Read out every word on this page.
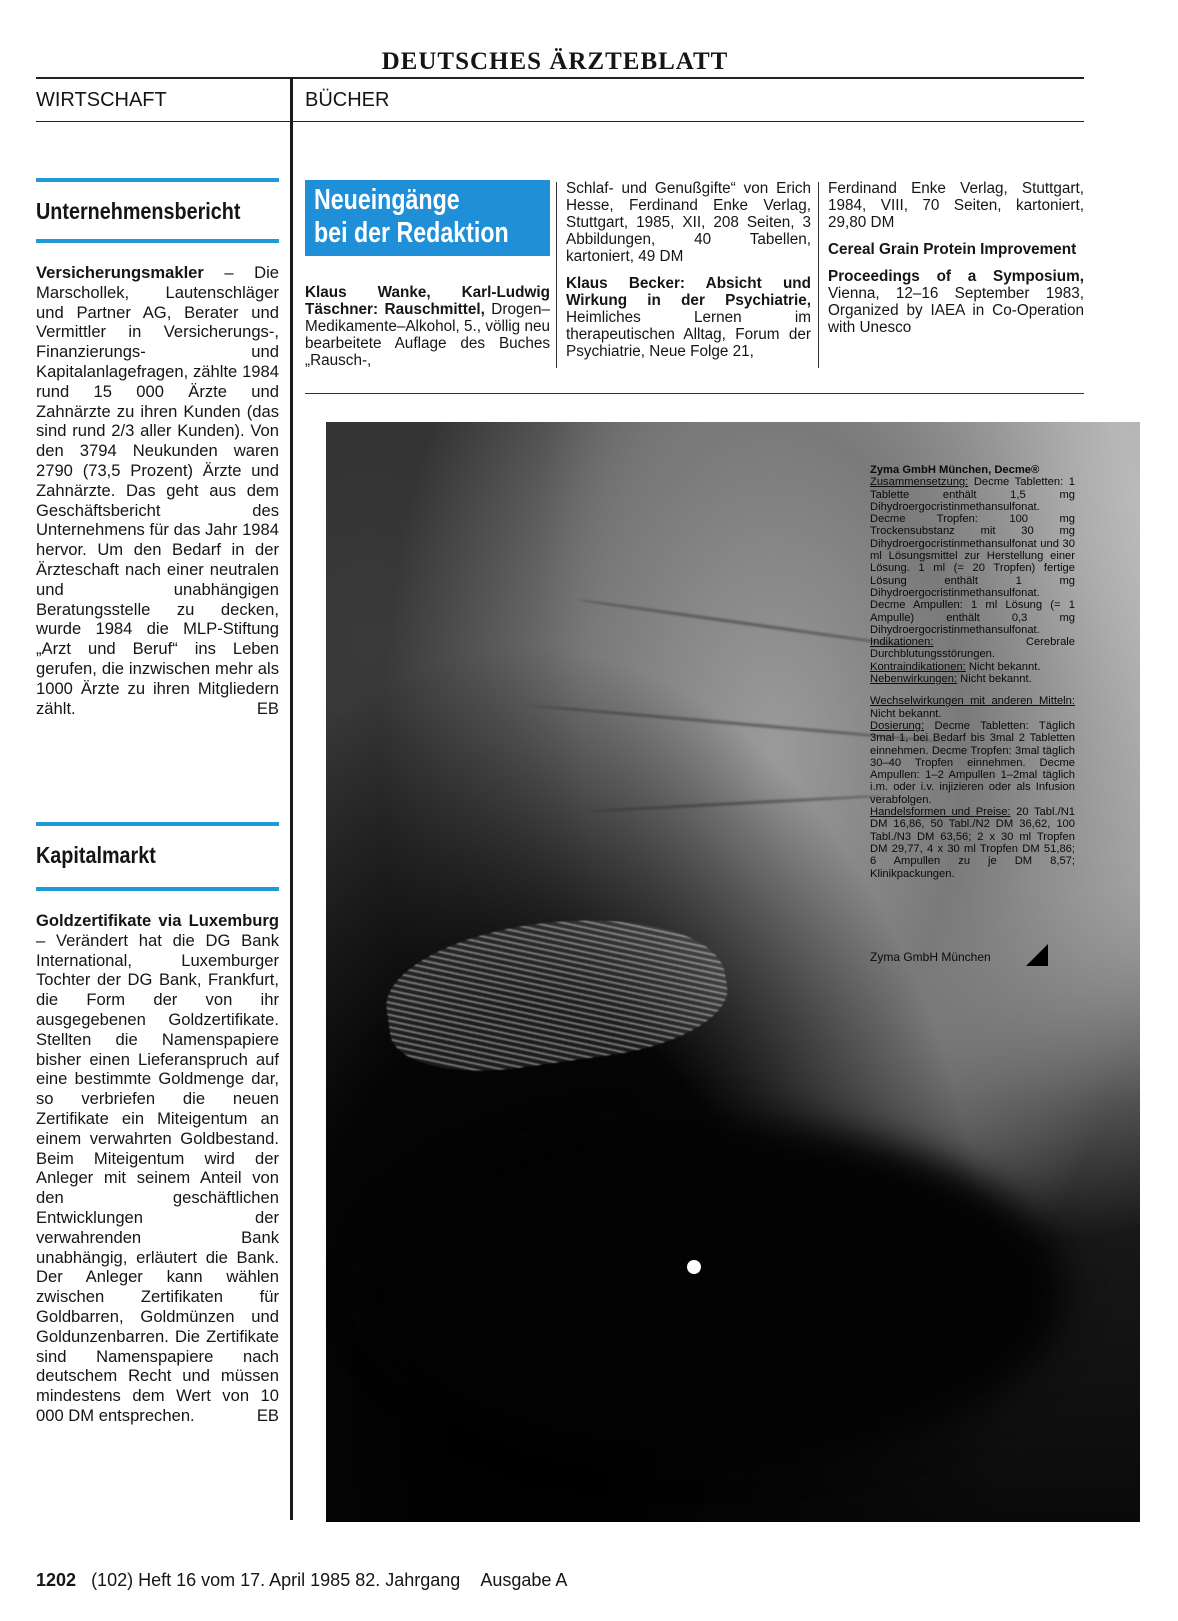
DEUTSCHES ÄRZTEBLATT
WIRTSCHAFT	BÜCHER
Unternehmensbericht
Versicherungsmakler – Die Marschollek, Lautenschläger und Partner AG, Berater und Vermittler in Versicherungs-, Finanzierungs- und Kapitalanlagefragen, zählte 1984 rund 15 000 Ärzte und Zahnärzte zu ihren Kunden (das sind rund 2/3 aller Kunden). Von den 3794 Neukunden waren 2790 (73,5 Prozent) Ärzte und Zahnärzte. Das geht aus dem Geschäftsbericht des Unternehmens für das Jahr 1984 hervor. Um den Bedarf in der Ärzteschaft nach einer neutralen und unabhängigen Beratungsstelle zu decken, wurde 1984 die MLP-Stiftung „Arzt und Beruf“ ins Leben gerufen, die inzwischen mehr als 1000 Ärzte zu ihren Mitgliedern zählt.	EB
Kapitalmarkt
Goldzertifikate via Luxemburg – Verändert hat die DG Bank International, Luxemburger Tochter der DG Bank, Frankfurt, die Form der von ihr ausgegebenen Goldzertifikate. Stellten die Namenspapiere bisher einen Lieferanspruch auf eine bestimmte Goldmenge dar, so verbriefen die neuen Zertifikate ein Miteigentum an einem verwahrten Goldbestand. Beim Miteigentum wird der Anleger mit seinem Anteil von den geschäftlichen Entwicklungen der verwahrenden Bank unabhängig, erläutert die Bank. Der Anleger kann wählen zwischen Zertifikaten für Goldbarren, Goldmünzen und Goldunzenbarren. Die Zertifikate sind Namenspapiere nach deutschem Recht und müssen mindestens dem Wert von 10 000 DM entsprechen.	EB
Neueingänge
bei der Redaktion

Klaus Wanke, Karl-Ludwig Täschner: Rauschmittel, Drogen–Medikamente–Alkohol, 5., völlig neu bearbeitete Auflage des Buches „Rausch-,

Schlaf- und Genußgifte“ von Erich Hesse, Ferdinand Enke Verlag, Stuttgart, 1985, XII, 208 Seiten, 3 Abbildungen, 40 Tabellen, kartoniert, 49 DM

Klaus Becker: Absicht und Wirkung in der Psychiatrie, Heimliches Lernen im therapeutischen Alltag, Forum der Psychiatrie, Neue Folge 21,

Ferdinand Enke Verlag, Stuttgart, 1984, VIII, 70 Seiten, kartoniert, 29,80 DM

Cereal Grain Protein Improvement

Proceedings of a Symposium, Vienna, 12–16 September 1983, Organized by IAEA in Co-Operation with Unesco

Zyma GmbH München, Decme®
Zusammensetzung: Decme Tabletten: 1 Tablette enthält 1,5 mg Dihydroergocristinmethansulfonat. Decme Tropfen: 100 mg Trockensubstanz mit 30 mg Dihydroergocristinmethansulfonat und 30 ml Lösungsmittel zur Herstellung einer Lösung. 1 ml (= 20 Tropfen) fertige Lösung enthält 1 mg Dihydroergocristinmethansulfonat. Decme Ampullen: 1 ml Lösung (= 1 Ampulle) enthält 0,3 mg Dihydroergocristinmethansulfonat.
Indikationen: Cerebrale Durchblutungsstörungen.
Kontraindikationen: Nicht bekannt.
Nebenwirkungen: Nicht bekannt.
Wechselwirkungen mit anderen Mitteln: Nicht bekannt.
Dosierung: Decme Tabletten: Täglich 3mal 1, bei Bedarf bis 3mal 2 Tabletten einnehmen. Decme Tropfen: 3mal täglich 30–40 Tropfen einnehmen. Decme Ampullen: 1–2 Ampullen 1–2mal täglich i.m. oder i.v. injizieren oder als Infusion verabfolgen.
Handelsformen und Preise: 20 Tabl./N1 DM 16,86, 50 Tabl./N2 DM 36,62, 100 Tabl./N3 DM 63,56; 2 x 30 ml Tropfen DM 29,77, 4 x 30 ml Tropfen DM 51,86; 6 Ampullen zu je DM 8,57; Klinikpackungen.
Zyma GmbH München
1202 (102) Heft 16 vom 17. April 1985 82. Jahrgang Ausgabe A
